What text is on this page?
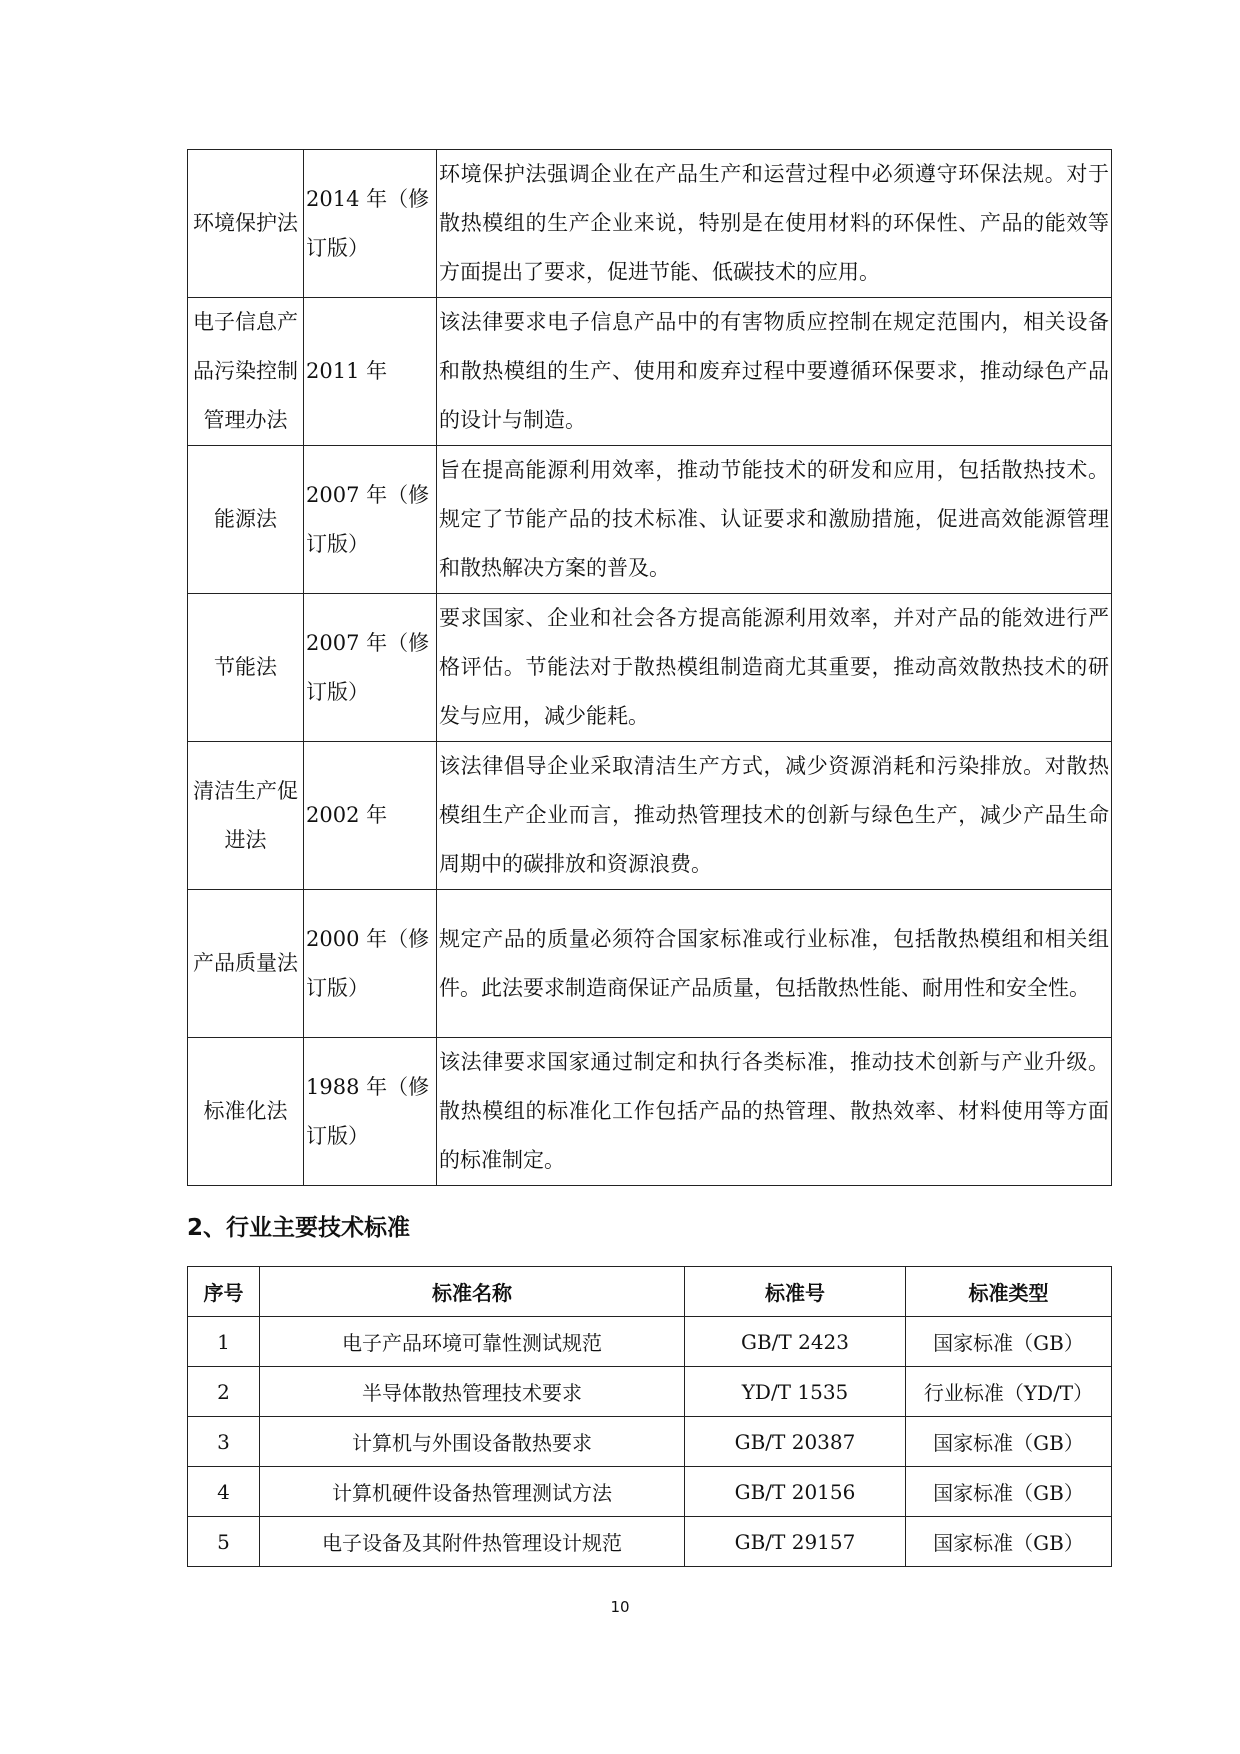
环境保护法	2014 年（修订版）	环境保护法强调企业在产品生产和运营过程中必须遵守环保法规。对于散热模组的生产企业来说，特别是在使用材料的环保性、产品的能效等方面提出了要求，促进节能、低碳技术的应用。
电子信息产品污染控制管理办法	2011 年	该法律要求电子信息产品中的有害物质应控制在规定范围内，相关设备和散热模组的生产、使用和废弃过程中要遵循环保要求，推动绿色产品的设计与制造。
能源法	2007 年（修订版）	旨在提高能源利用效率，推动节能技术的研发和应用，包括散热技术。规定了节能产品的技术标准、认证要求和激励措施，促进高效能源管理和散热解决方案的普及。
节能法	2007 年（修订版）	要求国家、企业和社会各方提高能源利用效率，并对产品的能效进行严格评估。节能法对于散热模组制造商尤其重要，推动高效散热技术的研发与应用，减少能耗。
清洁生产促进法	2002 年	该法律倡导企业采取清洁生产方式，减少资源消耗和污染排放。对散热模组生产企业而言，推动热管理技术的创新与绿色生产，减少产品生命周期中的碳排放和资源浪费。
产品质量法	2000 年（修订版）	规定产品的质量必须符合国家标准或行业标准，包括散热模组和相关组件。此法要求制造商保证产品质量，包括散热性能、耐用性和安全性。
标准化法	1988 年（修订版）	该法律要求国家通过制定和执行各类标准，推动技术创新与产业升级。散热模组的标准化工作包括产品的热管理、散热效率、材料使用等方面的标准制定。
2、行业主要技术标准
序号	标准名称	标准号	标准类型
1	电子产品环境可靠性测试规范	GB/T 2423	国家标准（GB）
2	半导体散热管理技术要求	YD/T 1535	行业标准（YD/T）
3	计算机与外围设备散热要求	GB/T 20387	国家标准（GB）
4	计算机硬件设备热管理测试方法	GB/T 20156	国家标准（GB）
5	电子设备及其附件热管理设计规范	GB/T 29157	国家标准（GB）
10
